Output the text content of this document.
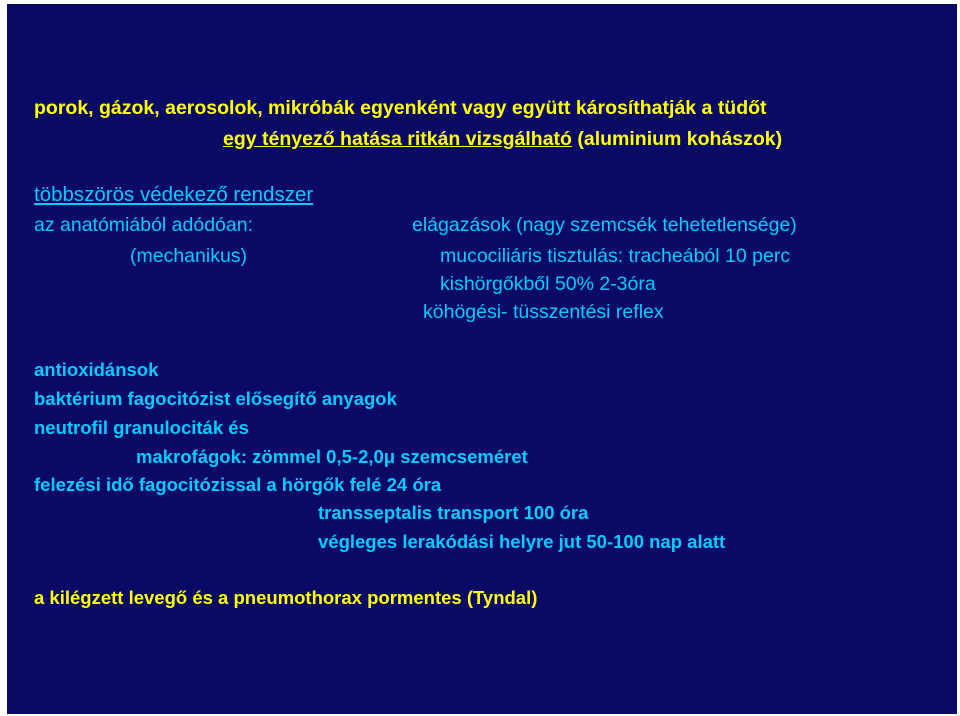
porok, gázok, aerosolok, mikróbák egyenként vagy együtt károsíthatják a tüdőt
egy tényező hatása ritkán vizsgálható (aluminium kohászok)
többszörös védekező rendszer
az anatómiából adódóan:
(mechanikus)
elágazások (nagy szemcsék tehetetlensége)
mucociliáris tisztulás: tracheából 10 perc
kishörgőkből 50% 2-3óra
köhögési- tüsszentési reflex
antioxidánsok
baktérium fagocitózist elősegítő anyagok
neutrofil granulociták és
makrofágok: zömmel 0,5-2,0μ szemcseméret
felezési idő fagocitózissal a hörgők felé 24 óra
transseptalis transport 100 óra
végleges lerakódási helyre jut 50-100 nap alatt
a kilégzett levegő és a pneumothorax pormentes (Tyndal)
